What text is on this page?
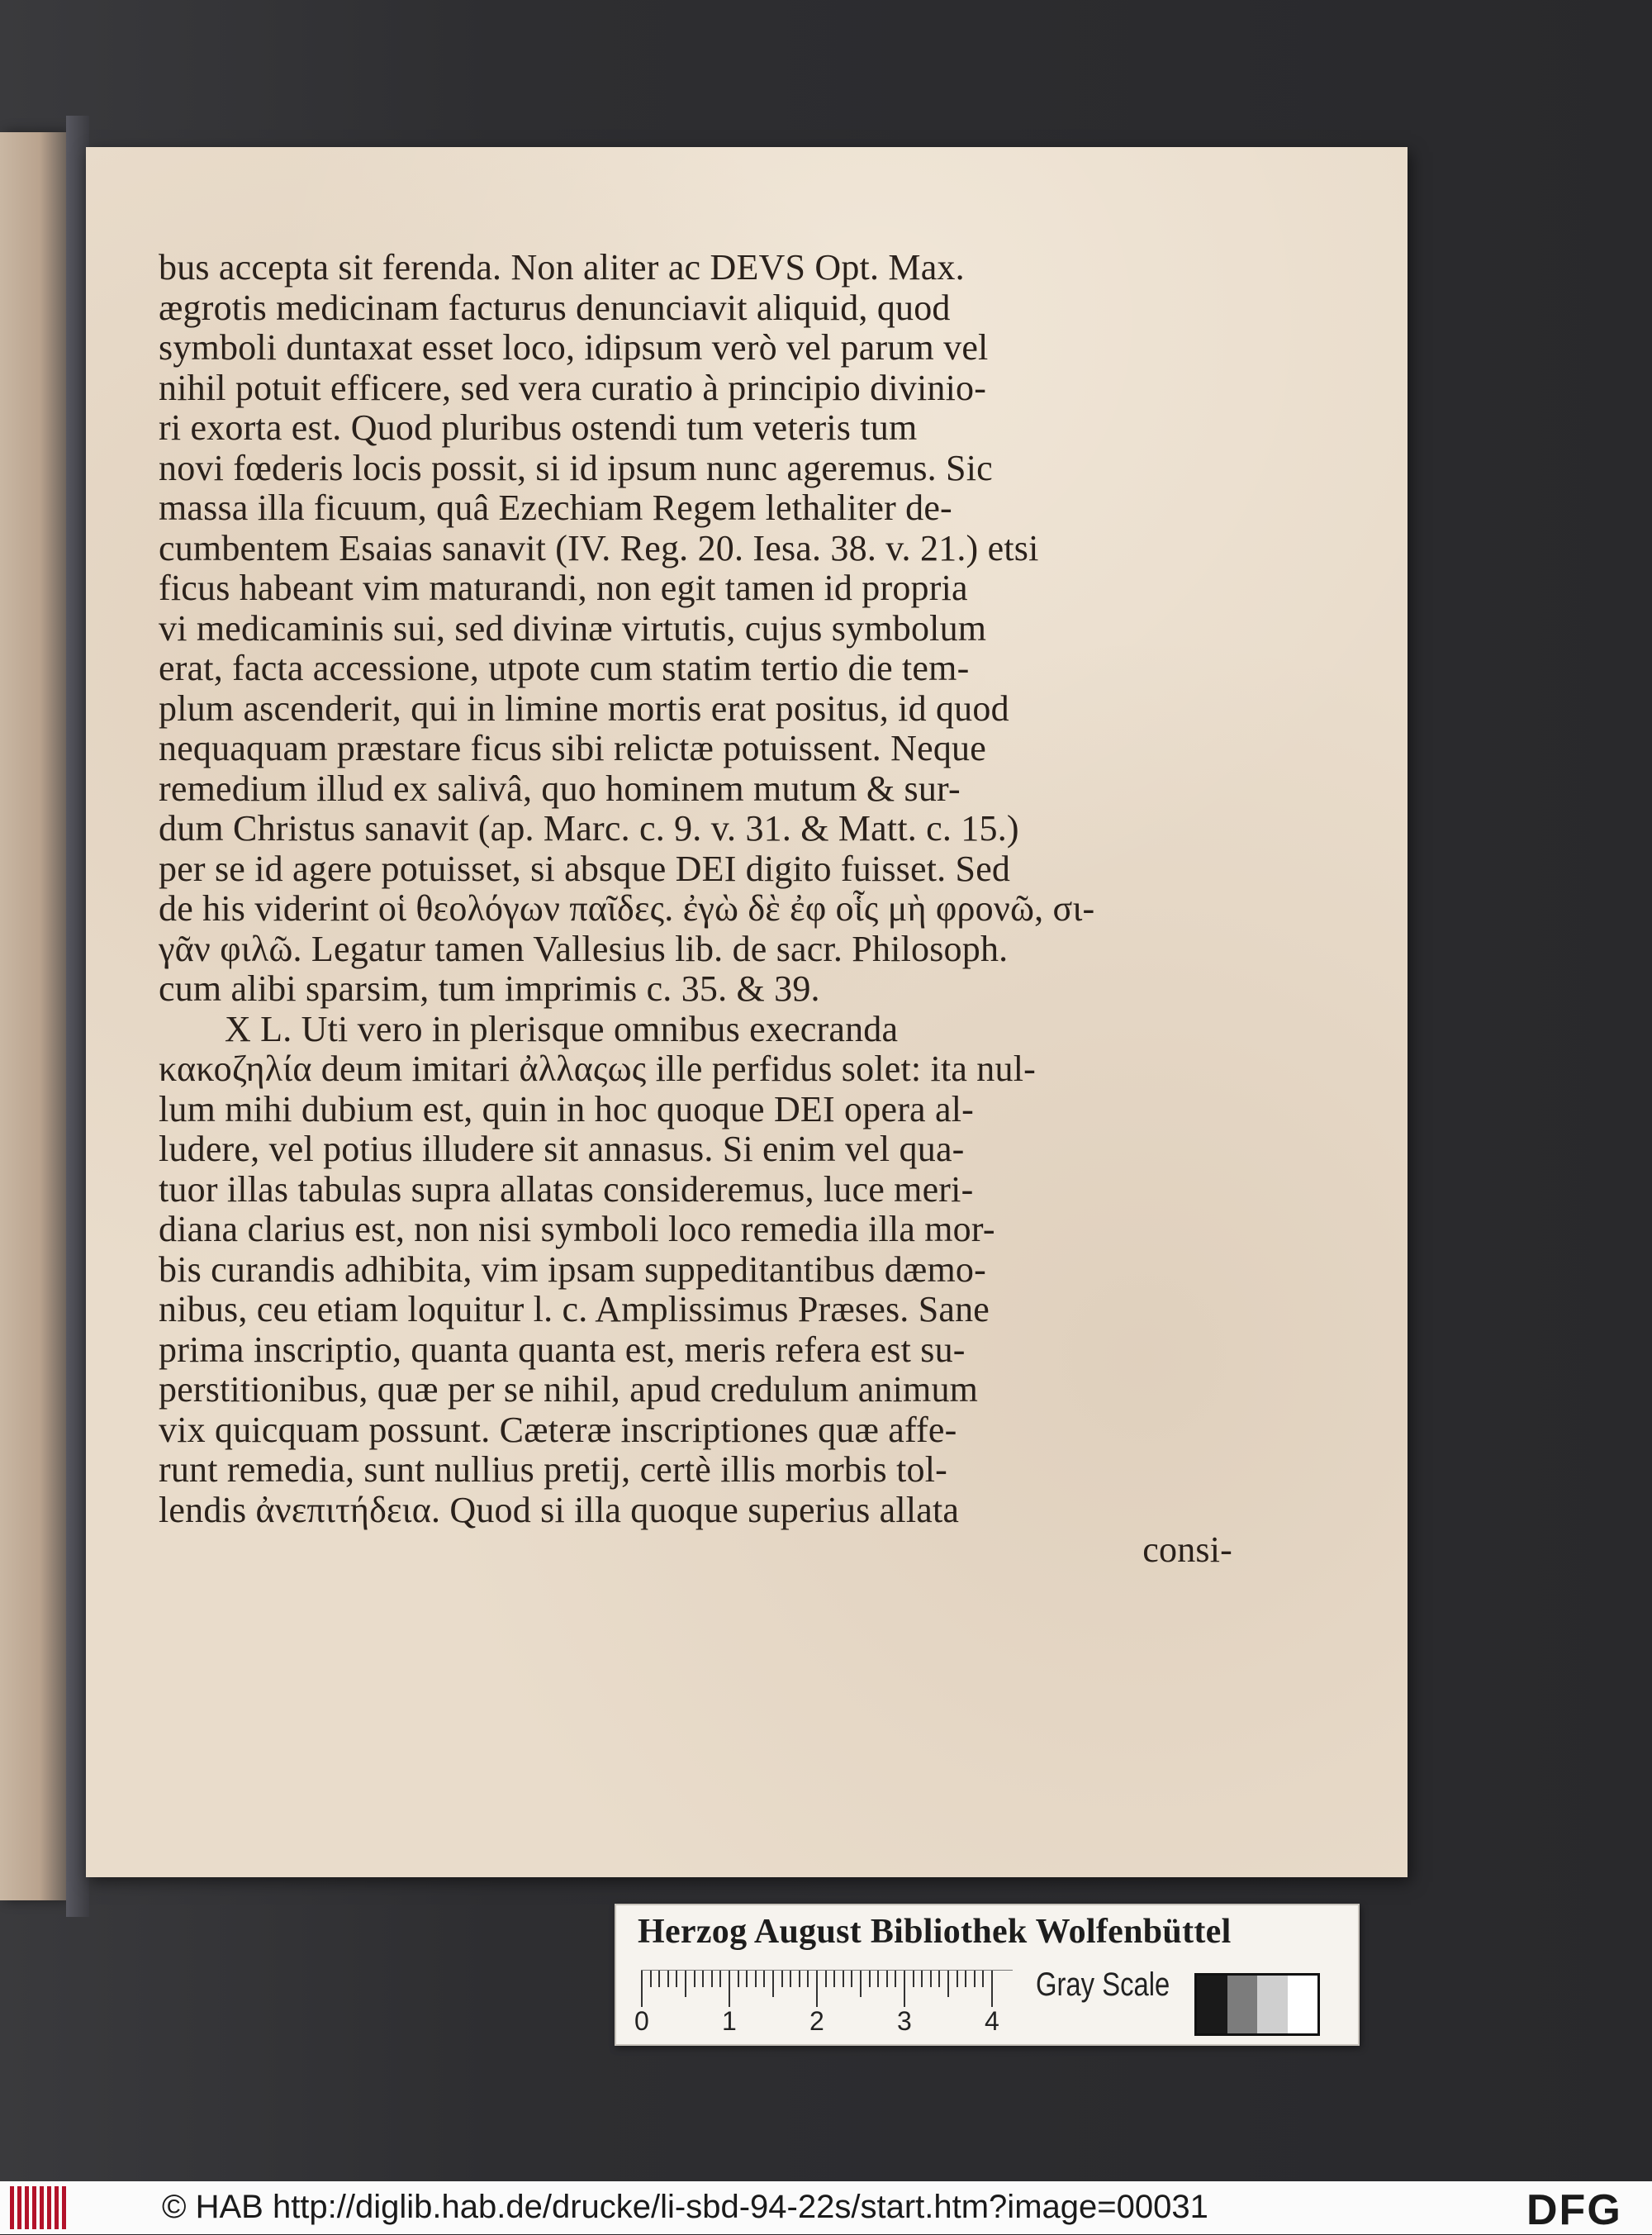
bus accepta sit ferenda. Non aliter ac DEVS Opt. Max.
ægrotis medicinam facturus denunciavit aliquid, quod
symboli duntaxat esset loco, idipsum verò vel parum vel
nihil potuit efficere, sed vera curatio à principio divinio-
ri exorta est. Quod pluribus ostendi tum veteris tum
novi fœderis locis possit, si id ipsum nunc ageremus. Sic
massa illa ficuum, quâ Ezechiam Regem lethaliter de-
cumbentem Esaias sanavit (IV. Reg. 20. Iesa. 38. v. 21.) etsi
ficus habeant vim maturandi, non egit tamen id propria
vi medicaminis sui, sed divinæ virtutis, cujus symbolum
erat, facta accessione, utpote cum statim tertio die tem-
plum ascenderit, qui in limine mortis erat positus, id quod
nequaquam præstare ficus sibi relictæ potuissent. Neque
remedium illud ex salivâ, quo hominem mutum & sur-
dum Christus sanavit (ap. Marc. c. 9. v. 31. & Matt. c. 15.)
per se id agere potuisset, si absque DEI digito fuisset. Sed
de his viderint οἱ θεολόγων παῖδες. ἐγὼ δὲ ἐφ οἷς μὴ φρονῶ, σι-
γᾶν φιλῶ. Legatur tamen Vallesius lib. de sacr. Philosoph.
cum alibi sparsim, tum imprimis c. 35. & 39.
X L. Uti vero in plerisque omnibus execranda
κακοζηλία deum imitari ἀλλαςως ille perfidus solet: ita nul-
lum mihi dubium est, quin in hoc quoque DEI opera al-
ludere, vel potius illudere sit annasus. Si enim vel qua-
tuor illas tabulas supra allatas consideremus, luce meri-
diana clarius est, non nisi symboli loco remedia illa mor-
bis curandis adhibita, vim ipsam suppeditantibus dæmo-
nibus, ceu etiam loquitur l. c. Amplissimus Præses. Sane
prima inscriptio, quanta quanta est, meris refera est su-
perstitionibus, quæ per se nihil, apud credulum animum
vix quicquam possunt. Cæteræ inscriptiones quæ affe-
runt remedia, sunt nullius pretij, certè illis morbis tol-
lendis ἀνεπιτήδεια. Quod si illa quoque superius allata
consi-
Herzog August Bibliothek Wolfenbüttel
0	1	2	3	4
Gray Scale
© HAB http://diglib.hab.de/drucke/li-sbd-94-22s/start.htm?image=00031	DFG
